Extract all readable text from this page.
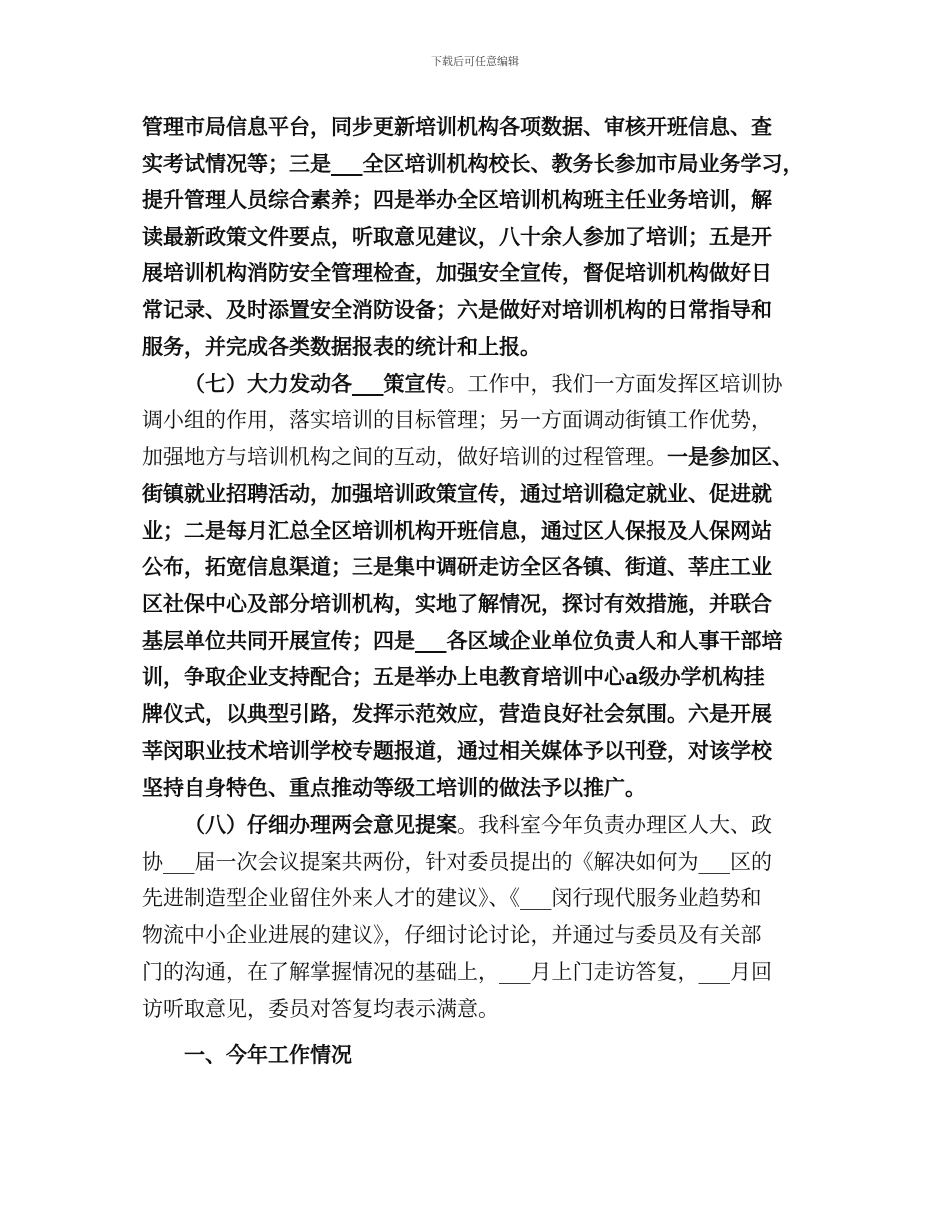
下载后可任意编辑
管理市局信息平台，同步更新培训机构各项数据、审核开班信息、查
实考试情况等；三是___全区培训机构校长、教务长参加市局业务学习，
提升管理人员综合素养；四是举办全区培训机构班主任业务培训，解
读最新政策文件要点，听取意见建议，八十余人参加了培训；五是开
展培训机构消防安全管理检查，加强安全宣传，督促培训机构做好日
常记录、及时添置安全消防设备；六是做好对培训机构的日常指导和
服务，并完成各类数据报表的统计和上报。
（七）大力发动各___策宣传。工作中，我们一方面发挥区培训协
调小组的作用，落实培训的目标管理；另一方面调动街镇工作优势，
加强地方与培训机构之间的互动，做好培训的过程管理。一是参加区、
街镇就业招聘活动，加强培训政策宣传，通过培训稳定就业、促进就
业；二是每月汇总全区培训机构开班信息，通过区人保报及人保网站
公布，拓宽信息渠道；三是集中调研走访全区各镇、街道、莘庄工业
区社保中心及部分培训机构，实地了解情况，探讨有效措施，并联合
基层单位共同开展宣传；四是___各区域企业单位负责人和人事干部培
训，争取企业支持配合；五是举办上电教育培训中心a级办学机构挂
牌仪式，以典型引路，发挥示范效应，营造良好社会氛围。六是开展
莘闵职业技术培训学校专题报道，通过相关媒体予以刊登，对该学校
坚持自身特色、重点推动等级工培训的做法予以推广。
（八）仔细办理两会意见提案。我科室今年负责办理区人大、政
协___届一次会议提案共两份，针对委员提出的《解决如何为___区的
先进制造型企业留住外来人才的建议》、《___闵行现代服务业趋势和
物流中小企业进展的建议》，仔细讨论讨论，并通过与委员及有关部
门的沟通，在了解掌握情况的基础上，___月上门走访答复，___月回
访听取意见，委员对答复均表示满意。
一、今年工作情况
